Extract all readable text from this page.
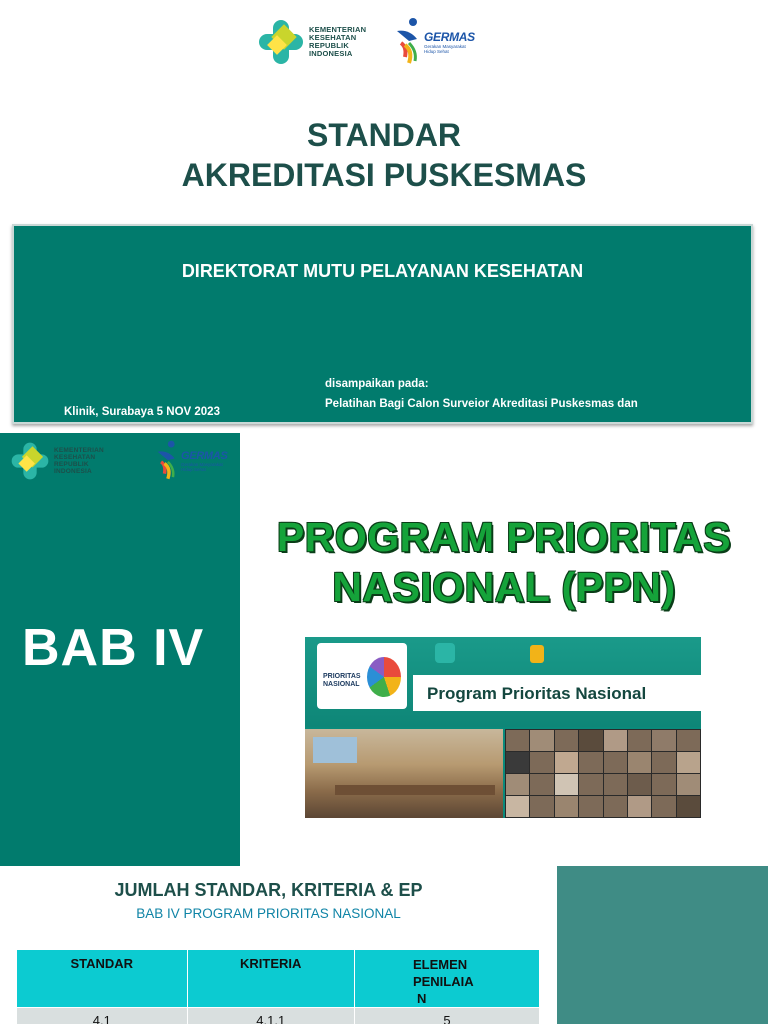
KEMENTERIAN
KESEHATAN
REPUBLIK
INDONESIA
GERMAS
Gerakan Masyarakat
Hidup Sehat
STANDAR
AKREDITASI PUSKESMAS
DIREKTORAT MUTU PELAYANAN KESEHATAN
disampaikan pada:
Pelatihan Bagi Calon Surveior Akreditasi Puskesmas dan
Klinik, Surabaya 5 NOV 2023
KEMENTERIAN
KESEHATAN
REPUBLIK
INDONESIA
GERMAS
Gerakan Masyarakat
Hidup Sehat
BAB IV
PROGRAM PRIORITAS
NASIONAL (PPN)
PRIORITAS
NASIONAL	Program Prioritas Nasional
JUMLAH STANDAR, KRITERIA & EP
BAB IV PROGRAM PRIORITAS NASIONAL
STANDAR	KRITERIA	ELEMEN
PENILAIA
N

4.1	4.1.1	5
